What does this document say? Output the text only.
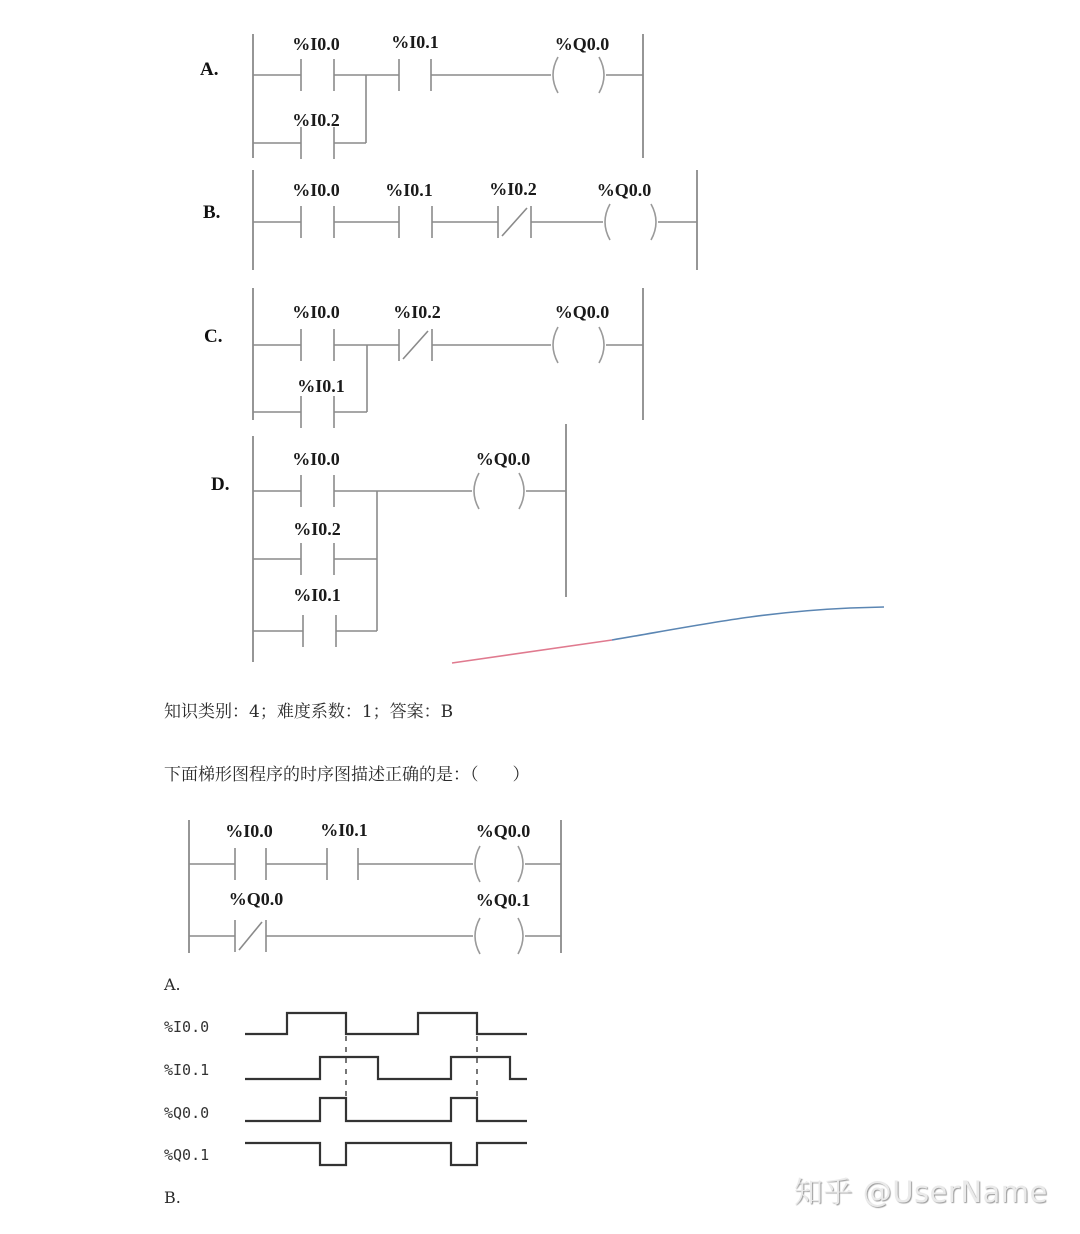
A.
%I0.0	%I0.1	%Q0.0
%I0.2
B.
%I0.0	%I0.1	%I0.2	%Q0.0
C.
%I0.0	%I0.2	%Q0.0
%I0.1
D.
%I0.0	%Q0.0
%I0.2
%I0.1
%I0.0	%I0.1	%Q0.0
%Q0.0	%Q0.1
知识类别：4；难度系数：1；答案：B
下面梯形图程序的时序图描述正确的是：（　　）
A.
B.
%I0.0
%I0.1
%Q0.0
%Q0.1
知乎 @UserName
